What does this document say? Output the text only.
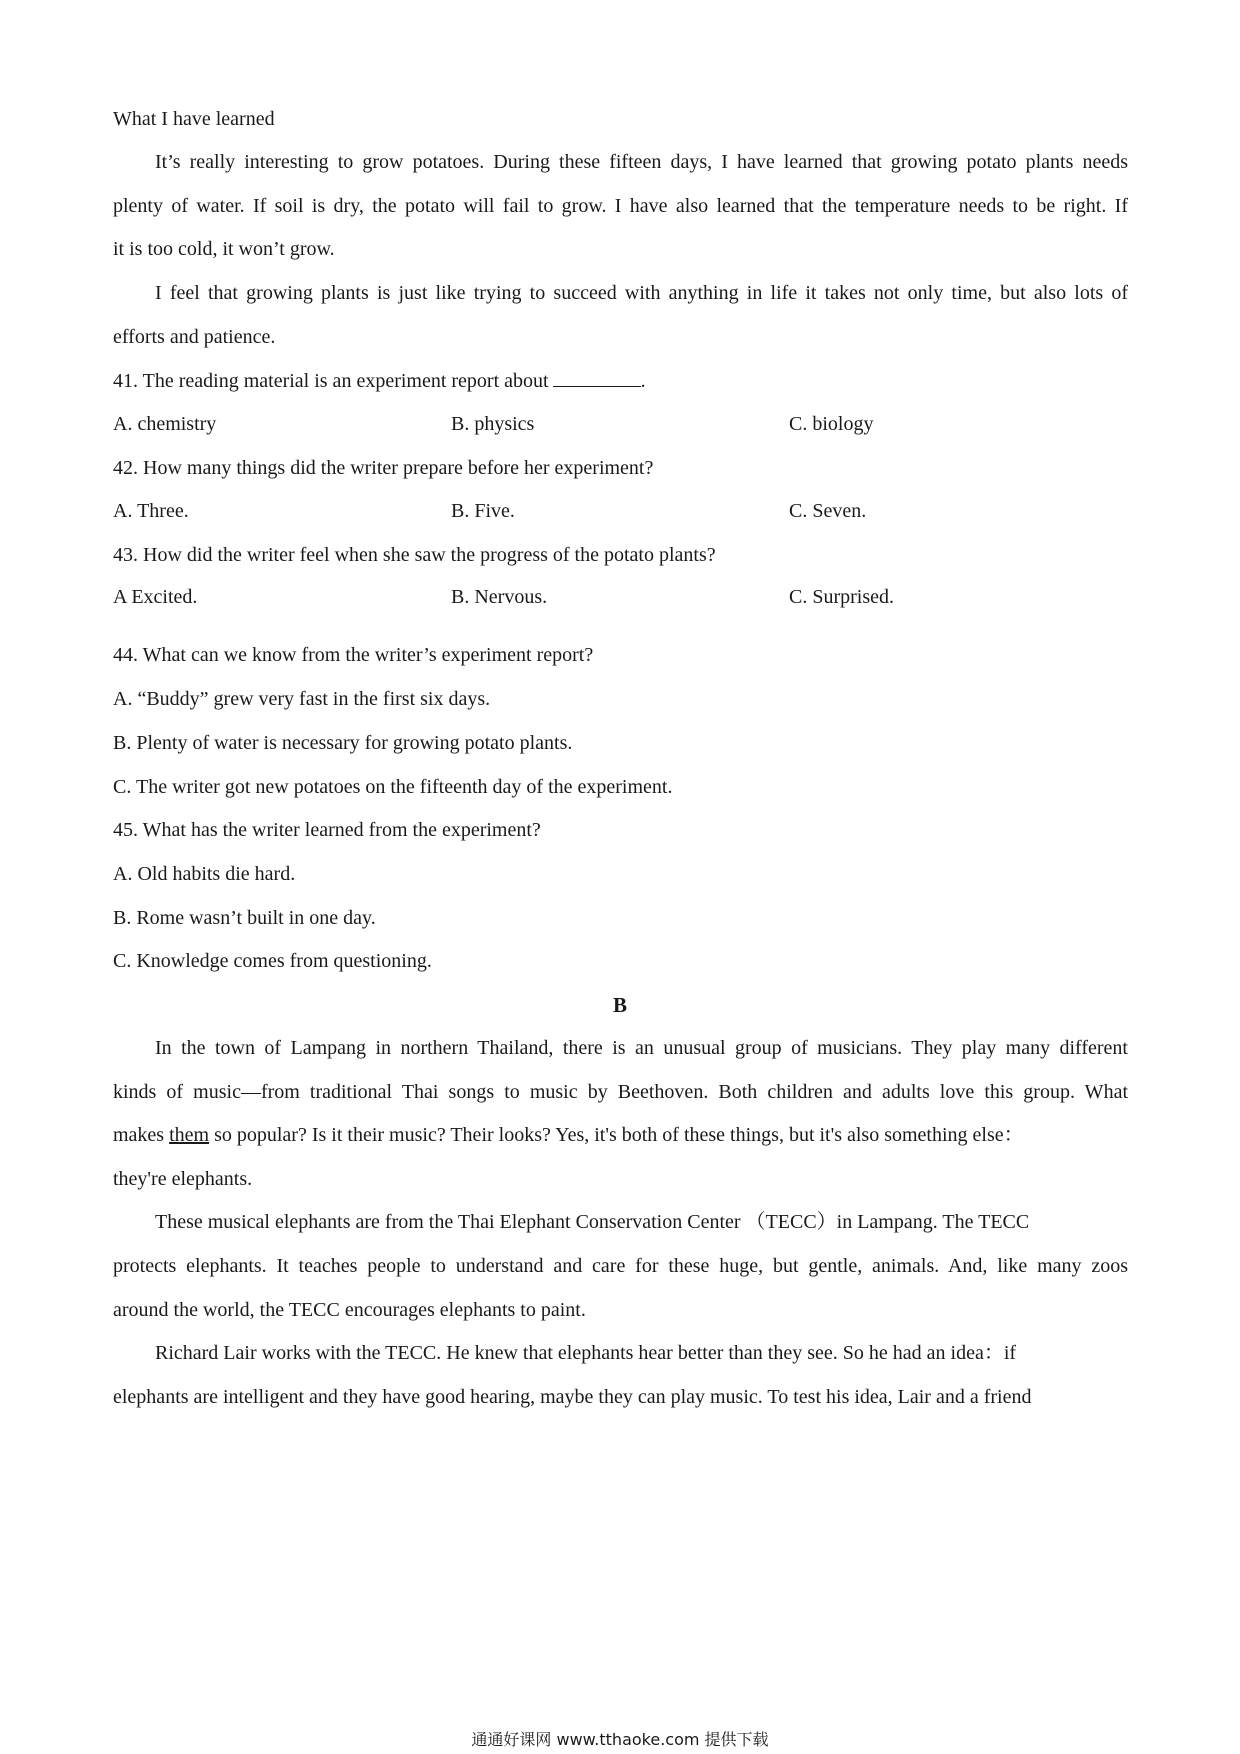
What I have learned
It’s really interesting to grow potatoes. During these fifteen days, I have learned that growing potato plants needs
plenty of water. If soil is dry, the potato will fail to grow. I have also learned that the temperature needs to be right. If
it is too cold, it won’t grow.
I feel that growing plants is just like trying to succeed with anything in life it takes not only time, but also lots of
efforts and patience.
41. The reading material is an experiment report about	.
A. chemistry	B. physics	C. biology
42. How many things did the writer prepare before her experiment?
A. Three.	B. Five.	C. Seven.
43. How did the writer feel when she saw the progress of the potato plants?
A Excited.	B. Nervous.	C. Surprised.
44. What can we know from the writer’s experiment report?
A. “Buddy” grew very fast in the first six days.
B. Plenty of water is necessary for growing potato plants.
C. The writer got new potatoes on the fifteenth day of the experiment.
45. What has the writer learned from the experiment?
A. Old habits die hard.
B. Rome wasn’t built in one day.
C. Knowledge comes from questioning.
B
In the town of Lampang in northern Thailand, there is an unusual group of musicians. They play many different
kinds of music—from traditional Thai songs to music by Beethoven. Both children and adults love this group. What
makes them so popular? Is it their music? Their looks? Yes, it's both of these things, but it's also something else：
they're elephants.
These musical elephants are from the Thai Elephant Conservation Center （TECC）in Lampang. The TECC
protects elephants. It teaches people to understand and care for these huge, but gentle, animals. And, like many zoos
around the world, the TECC encourages elephants to paint.
Richard Lair works with the TECC. He knew that elephants hear better than they see. So he had an idea：if
elephants are intelligent and they have good hearing, maybe they can play music. To test his idea, Lair and a friend
通通好课网 www.tthaoke.com 提供下载
